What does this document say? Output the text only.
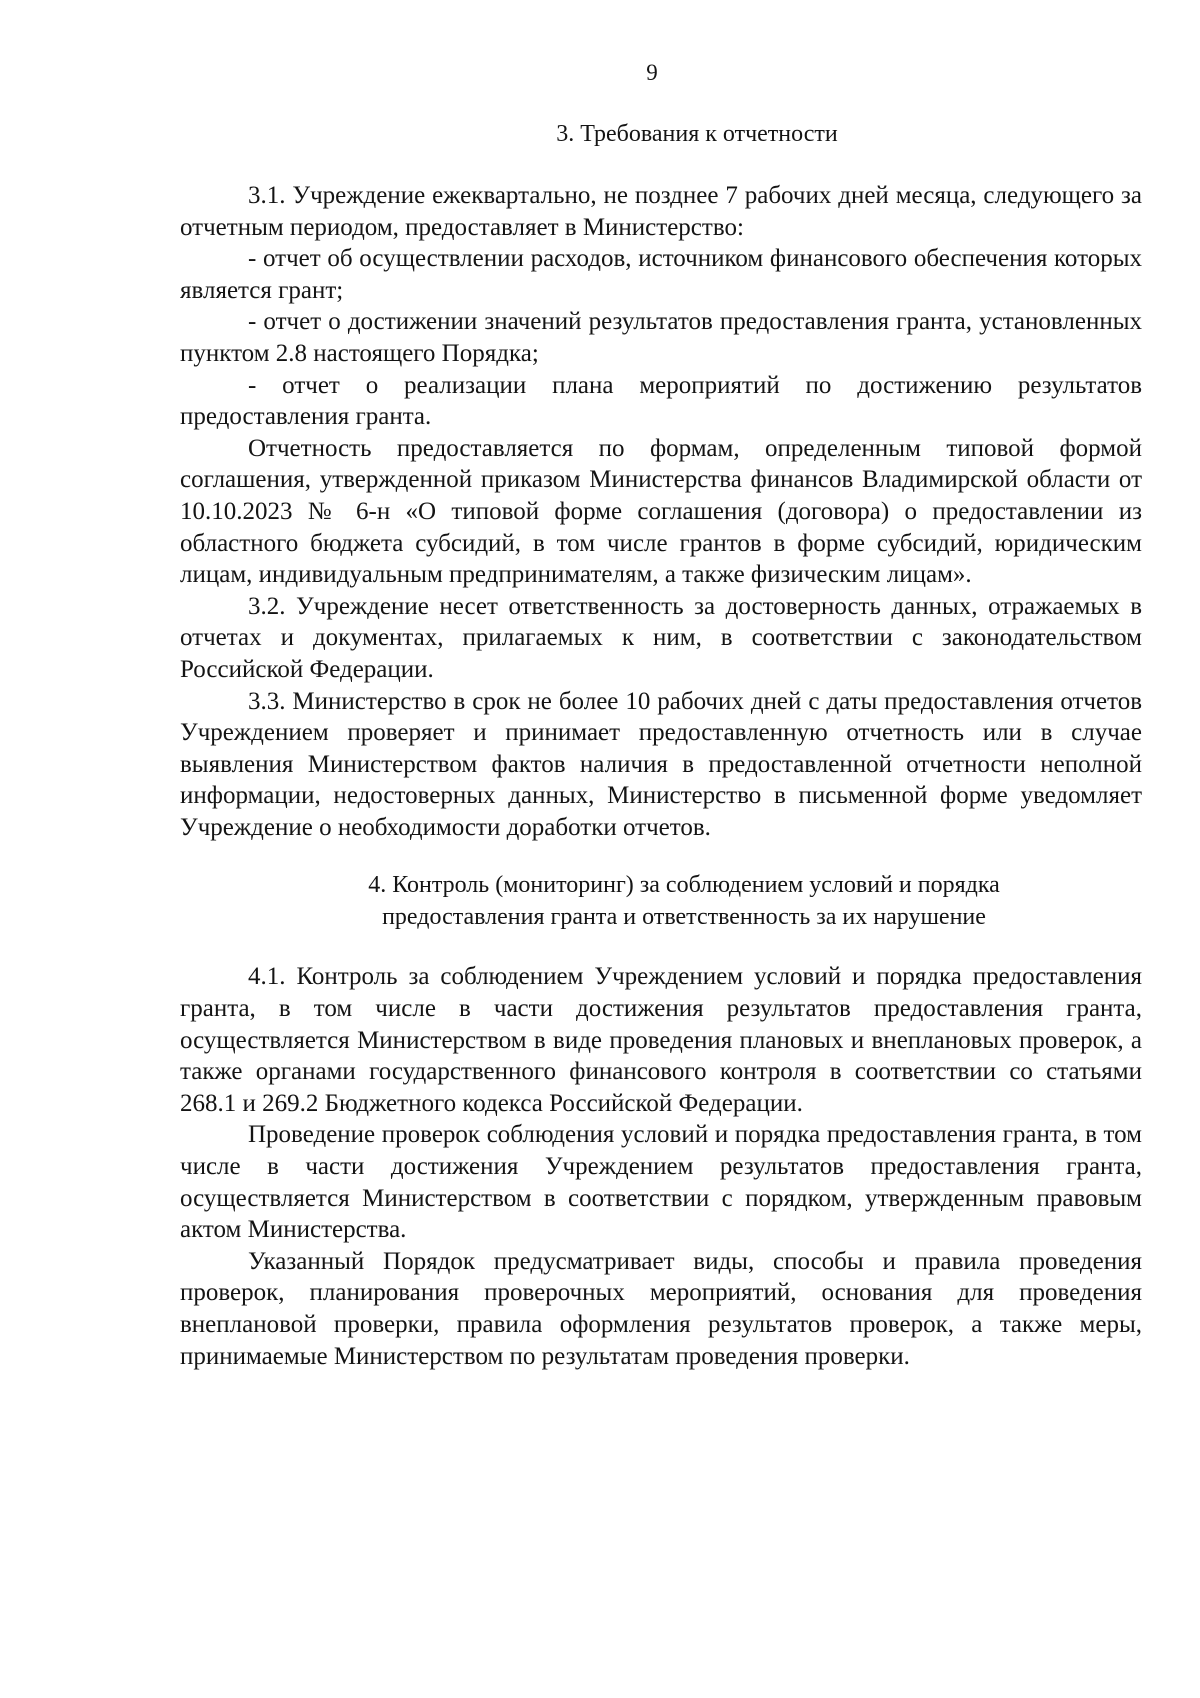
9
3. Требования к отчетности

3.1. Учреждение ежеквартально, не позднее 7 рабочих дней месяца, следующего за отчетным периодом, предоставляет в Министерство:

- отчет об осуществлении расходов, источником финансового обеспечения которых является грант;

- отчет о достижении значений результатов предоставления гранта, установленных пунктом 2.8 настоящего Порядка;

- отчет о реализации плана мероприятий по достижению результатов предоставления гранта.

Отчетность предоставляется по формам, определенным типовой формой соглашения, утвержденной приказом Министерства финансов Владимирской области от 10.10.2023 № 6-н «О типовой форме соглашения (договора) о предоставлении из областного бюджета субсидий, в том числе грантов в форме субсидий, юридическим лицам, индивидуальным предпринимателям, а также физическим лицам».

3.2. Учреждение несет ответственность за достоверность данных, отражаемых в отчетах и документах, прилагаемых к ним, в соответствии с законодательством Российской Федерации.

3.3. Министерство в срок не более 10 рабочих дней с даты предоставления отчетов Учреждением проверяет и принимает предоставленную отчетность или в случае выявления Министерством фактов наличия в предоставленной отчетности неполной информации, недостоверных данных, Министерство в письменной форме уведомляет Учреждение о необходимости доработки отчетов.

4. Контроль (мониторинг) за соблюдением условий и порядка
предоставления гранта и ответственность за их нарушение

4.1. Контроль за соблюдением Учреждением условий и порядка предоставления гранта, в том числе в части достижения результатов предоставления гранта, осуществляется Министерством в виде проведения плановых и внеплановых проверок, а также органами государственного финансового контроля в соответствии со статьями 268.1 и 269.2 Бюджетного кодекса Российской Федерации.

Проведение проверок соблюдения условий и порядка предоставления гранта, в том числе в части достижения Учреждением результатов предоставления гранта, осуществляется Министерством в соответствии с порядком, утвержденным правовым актом Министерства.

Указанный Порядок предусматривает виды, способы и правила проведения проверок, планирования проверочных мероприятий, основания для проведения внеплановой проверки, правила оформления результатов проверок, а также меры, принимаемые Министерством по результатам проведения проверки.
